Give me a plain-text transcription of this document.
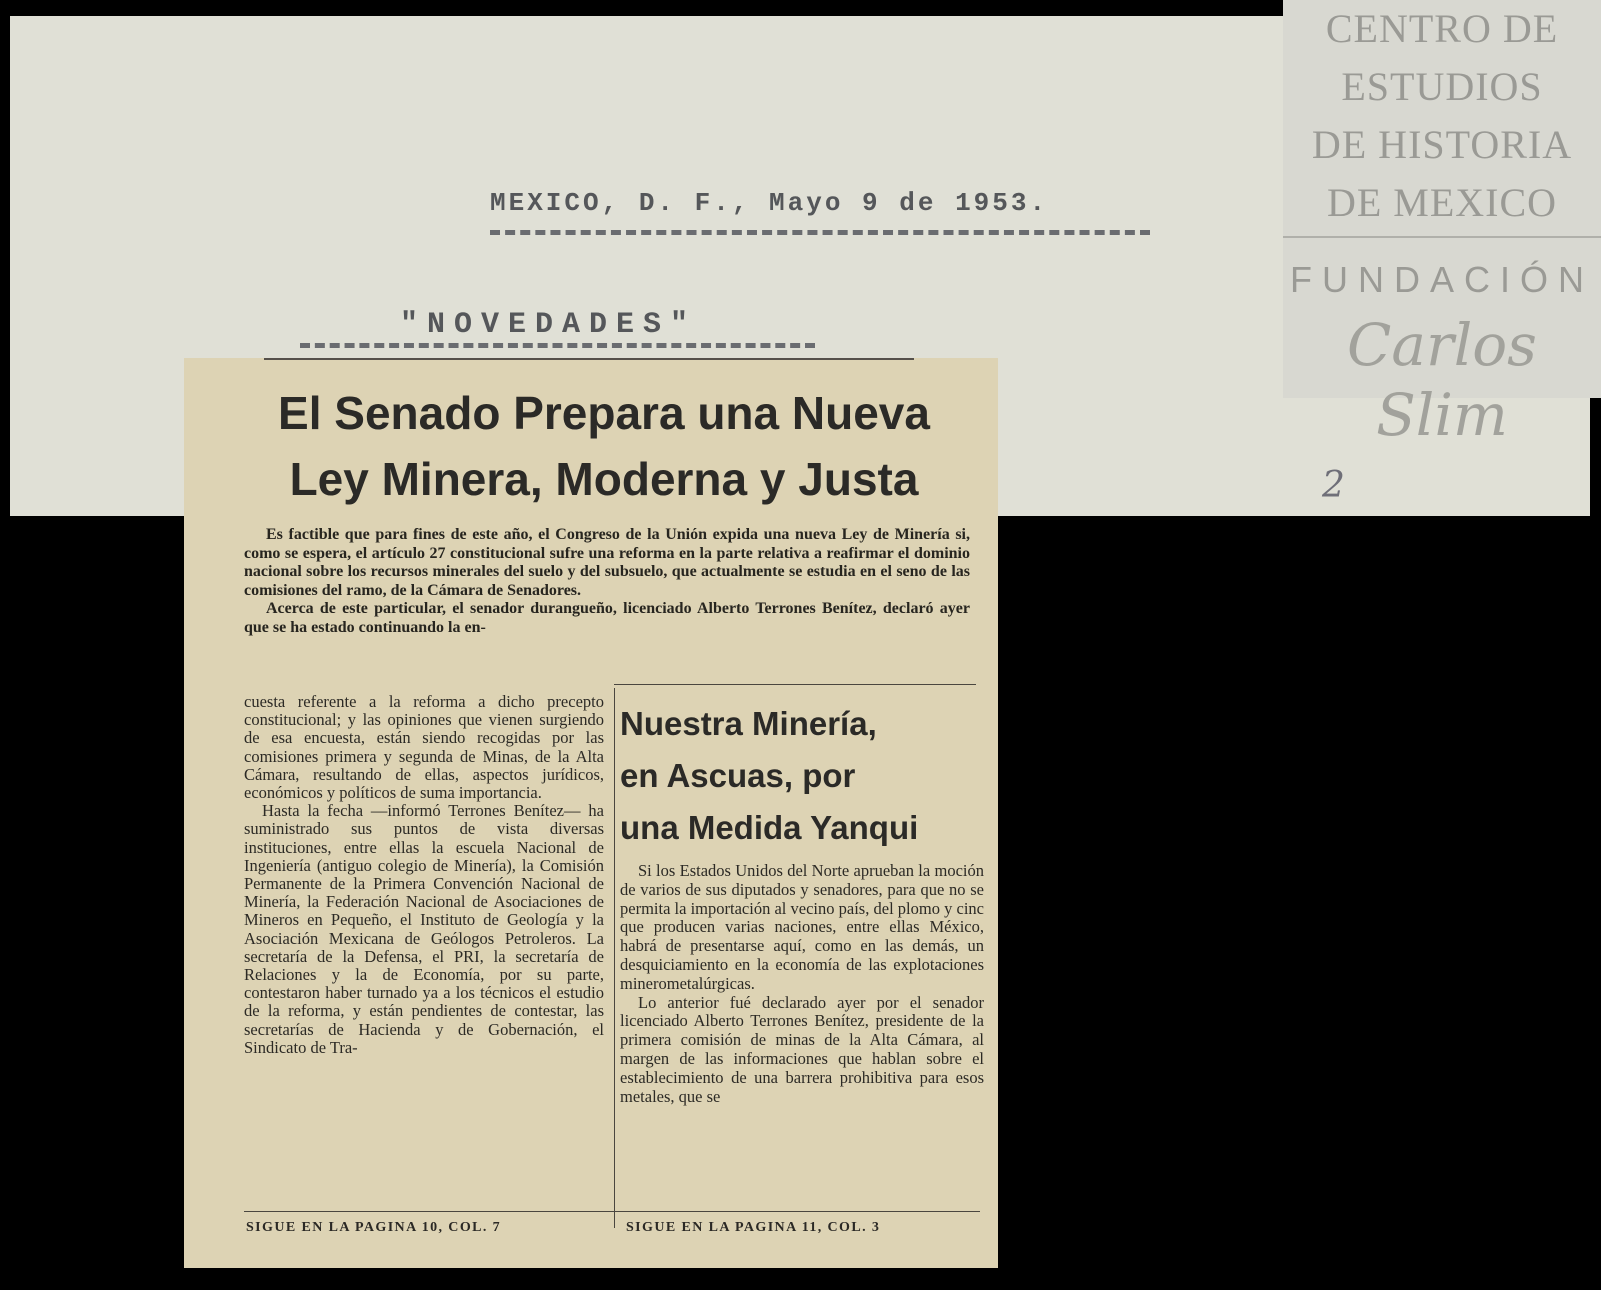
MEXICO, D. F., Mayo 9 de 1953.
"NOVEDADES"
2
CENTRO DE
ESTUDIOS
DE HISTORIA
DE MEXICO
FUNDACIÓN
Carlos Slim
El Senado Prepara una Nueva
Ley Minera, Moderna y Justa

Es factible que para fines de este año, el Congreso de la Unión expida una nueva Ley de Minería si, como se espera, el artículo 27 constitucional sufre una reforma en la parte relativa a reafirmar el dominio nacional sobre los recursos minerales del suelo y del subsuelo, que actualmente se estudia en el seno de las comisiones del ramo, de la Cámara de Senadores.

Acerca de este particular, el senador duranguеño, licenciado Alberto Terrones Benítez, declaró ayer que se ha estado continuando la en-

cuesta referente a la reforma a dicho precepto constitucional; y las opiniones que vienen surgiendo de esa encuesta, están siendo recogidas por las comisiones primera y segunda de Minas, de la Alta Cámara, resultando de ellas, aspectos jurídicos, económicos y políticos de suma importancia.

Hasta la fecha —informó Terrones Benítez— ha suministrado sus puntos de vista diversas instituciones, entre ellas la escuela Nacional de Ingeniería (antiguo colegio de Minería), la Comisión Permanente de la Primera Convención Nacional de Minería, la Federación Nacional de Asociaciones de Mineros en Pequeño, el Instituto de Geología y la Asociación Mexicana de Geólogos Petroleros. La secretaría de la Defensa, el PRI, la secretaría de Relaciones y la de Economía, por su parte, contestaron haber turnado ya a los técnicos el estudio de la reforma, y están pendientes de contestar, las secretarías de Hacienda y de Gobernación, el Sindicato de Tra-

Nuestra Minería,
en Ascuas, por
una Medida Yanqui

Si los Estados Unidos del Norte aprueban la moción de varios de sus diputados y senadores, para que no se permita la importación al vecino país, del plomo y cinc que producen varias naciones, entre ellas México, habrá de presentarse aquí, como en las demás, un desquiciamiento en la economía de las explotaciones minerometalúrgicas.

Lo anterior fué declarado ayer por el senador licenciado Alberto Terrones Benítez, presidente de la primera comisión de minas de la Alta Cámara, al margen de las informaciones que hablan sobre el establecimiento de una barrera prohibitiva para esos metales, que se

SIGUE EN LA PAGINA 10, COL. 7	SIGUE EN LA PAGINA 11, COL. 3
